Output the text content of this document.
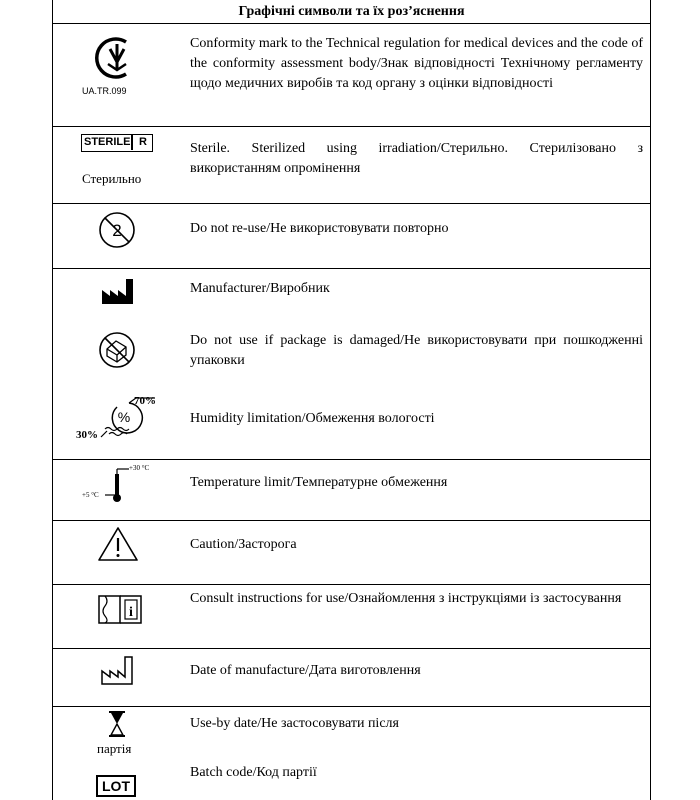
Графічні символи та їх роз’яснення
UA.TR.099
Conformity mark to the Technical regulation for medical devices and the code of the conformity assessment body/Знак відповідності Технічному регламенту щодо медичних виробів та код органу з оцінки відповідності
STERILE R
Стерильно
Sterile. Sterilized using irradiation/Стерильно. Стерилізовано з використанням опромінення
2	Do not re-use/Не використовувати повторно
Manufacturer/Виробник
Do not use if package is damaged/Не використовувати при пошкодженні упаковки
%
70%
30%
Humidity limitation/Обмеження вологості
+30 °C
+5 °C
Temperature limit/Температурне обмеження
Caution/Засторога
i
Consult instructions for use/Ознайомлення з інструкціями із застосування
Date of manufacture/Дата виготовлення
партія
Use-by date/Не застосовувати після
LOT
Batch code/Код партії
